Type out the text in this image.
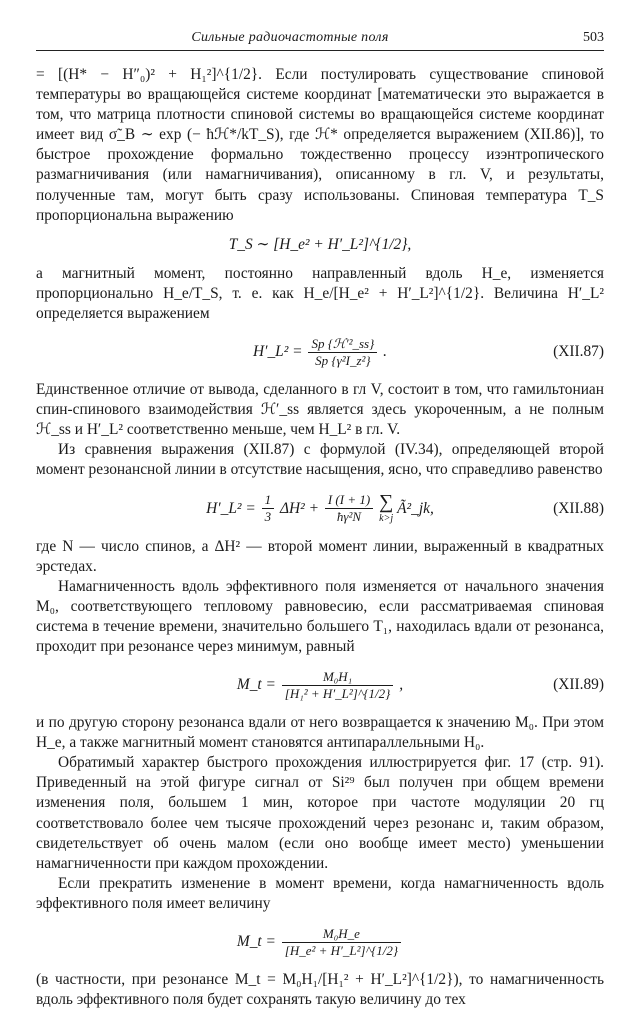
Сильные радиочастотные поля	503

= [(H* − H″₀)² + H₁²]^{1/2}. Если постулировать существование спиновой температуры во вращающейся системе координат [математически это выражается в том, что матрица плотности спиновой системы во вращающейся системе координат имеет вид σ̃_B ∼ exp (− ħℋ*/kT_S), где ℋ* определяется выражением (XII.86)], то быстрое прохождение формально тождественно процессу изэнтропического размагничивания (или намагничивания), описанному в гл. V, и результаты, полученные там, могут быть сразу использованы. Спиновая температура T_S пропорциональна выражению

T_S ∼ [H_e² + H′_L²]^{1/2},

а магнитный момент, постоянно направленный вдоль H_e, изменяется пропорционально H_e/T_S, т. е. как H_e/[H_e² + H′_L²]^{1/2}. Величина H′_L² определяется выражением

H′_L² = $\frac{\text{Sp \{ℋ′²\_ss\}}}{\text{Sp \{γ²I\_z²\}}}$ .	(XII.87)

Единственное отличие от вывода, сделанного в гл V, состоит в том, что гамильтониан спин-спинового взаимодействия ℋ′_ss является здесь укороченным, а не полным ℋ_ss и H′_L² соответственно меньше, чем H_L² в гл. V.

Из сравнения выражения (XII.87) с формулой (IV.34), определяющей второй момент резонансной линии в отсутствие насыщения, ясно, что справедливо равенство

H′_L² = $\frac{1}{3} \Delta H^2 + \frac{I (I + 1)}{\text{ħγ²N}}$
∑
k>j
Ã²_jk,	(XII.88)

где N — число спинов, а ΔH² — второй момент линии, выраженный в квадратных эрстедах.

Намагниченность вдоль эффективного поля изменяется от начального значения M₀, соответствующего тепловому равновесию, если рассматриваемая спиновая система в течение времени, значительно большего T₁, находилась вдали от резонанса, проходит при резонансе через минимум, равный

M_t = $\frac{\text{M₀H₁}}{\text{[H₁² + H′\_L²]\textasciicircum{}\{1/2\}}}$ ,	(XII.89)

и по другую сторону резонанса вдали от него возвращается к значению M₀. При этом H_e, а также магнитный момент становятся антипараллельными H₀.

Обратимый характер быстрого прохождения иллюстрируется фиг. 17 (стр. 91). Приведенный на этой фигуре сигнал от Si²⁹ был получен при общем времени изменения поля, большем 1 мин, которое при частоте модуляции 20 гц соответствовало более чем тысяче прохождений через резонанс и, таким образом, свидетельствует об очень малом (если оно вообще имеет место) уменьшении намагниченности при каждом прохождении.

Если прекратить изменение в момент времени, когда намагниченность вдоль эффективного поля имеет величину

M_t = $\frac{\text{M₀H\_e}}{\text{[H\_e² + H′\_L²]\textasciicircum{}\{1/2\}}}$

(в частности, при резонансе M_t = M₀H₁/[H₁² + H′_L²]^{1/2}), то намагниченность вдоль эффективного поля будет сохранять такую величину до тех
